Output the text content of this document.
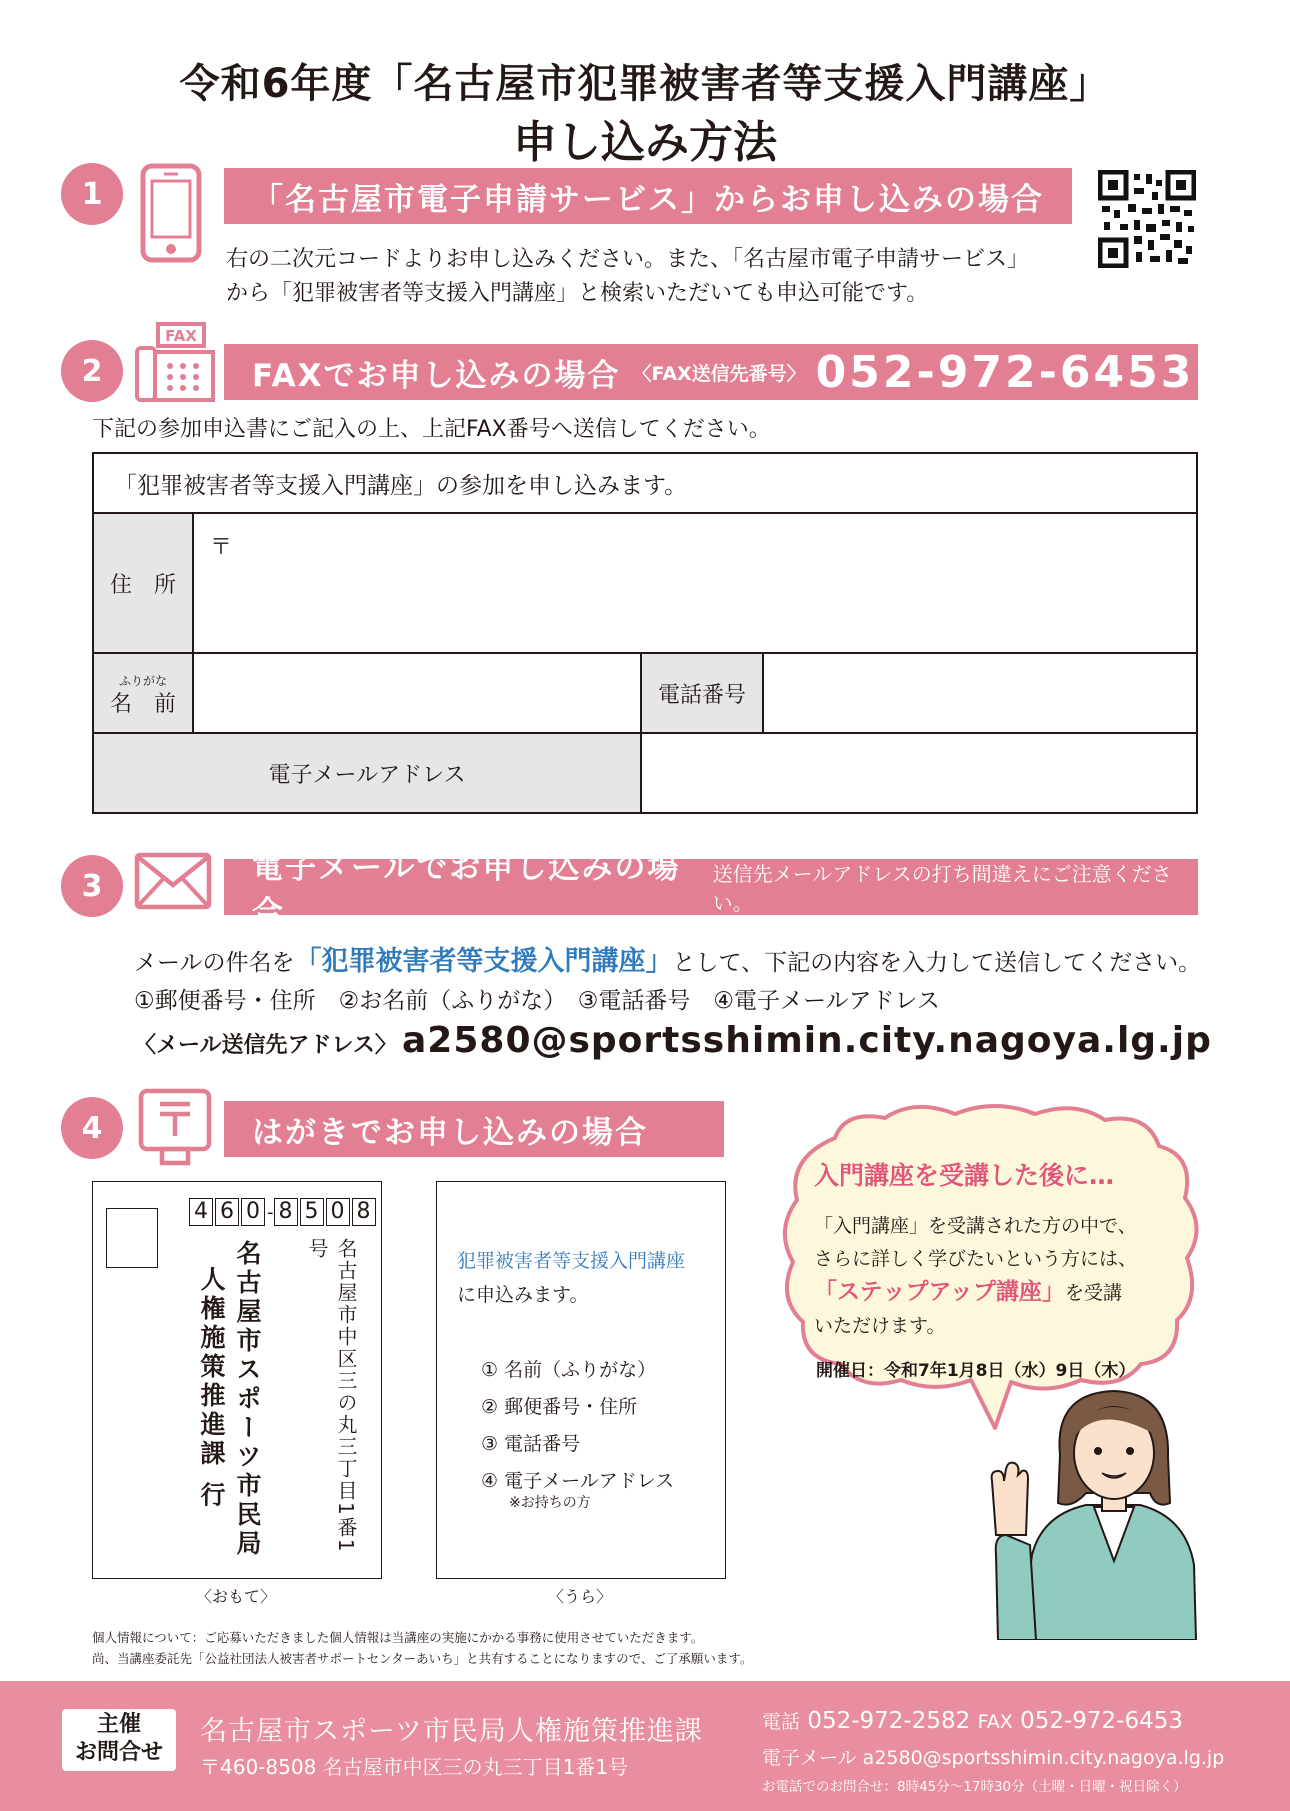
令和6年度「名古屋市犯罪被害者等支援入門講座」
申し込み方法
1	「名古屋市電子申請サービス」からお申し込みの場合
右の二次元コードよりお申し込みください。また、「名古屋市電子申請サービス」
から「犯罪被害者等支援入門講座」と検索いただいても申込可能です。
2
FAX
FAXでお申し込みの場合 〈FAX送信先番号〉 052-972-6453
下記の参加申込書にご記入の上、上記FAX番号へ送信してください。
「犯罪被害者等支援入門講座」の参加を申し込みます。			
住　所	〒		

ふりがな
名　前		電話番号	
電子メールアドレス			
3	電子メールでお申し込みの場合
送信先メールアドレスの打ち間違えにご注意ください。
メールの件名を「犯罪被害者等支援入門講座」として、下記の内容を入力して送信してください。
①郵便番号・住所　②お名前（ふりがな）　③電話番号　④電子メールアドレス
〈メール送信先アドレス〉 a2580@sportsshimin.city.nagoya.lg.jp
4	はがきでお申し込みの場合
4 6 0 - 8 5 0 8
名古屋市中区三の丸三丁目1番1号
名古屋市スポーツ市民局
人権施策推進課 行
〈おもて〉
犯罪被害者等支援入門講座
に申込みます。
① 名前（ふりがな）
② 郵便番号・住所
③ 電話番号
④ 電子メールアドレス
※お持ちの方
〈うら〉
入門講座を受講した後に…
「入門講座」を受講された方の中で、
さらに詳しく学びたいという方には、
「ステップアップ講座」を受講
いただけます。
開催日：令和7年1月8日（水）9日（木）
個人情報について：ご応募いただきました個人情報は当講座の実施にかかる事務に使用させていただきます。
尚、当講座委託先「公益社団法人被害者サポートセンターあいち」と共有することになりますので、ご了承願います。
主催
お問合せ
名古屋市スポーツ市民局人権施策推進課
〒460-8508 名古屋市中区三の丸三丁目1番1号
電話 052-972-2582 FAX 052-972-6453
電子メール a2580@sportsshimin.city.nagoya.lg.jp
お電話でのお問合せ：8時45分～17時30分（土曜・日曜・祝日除く）
